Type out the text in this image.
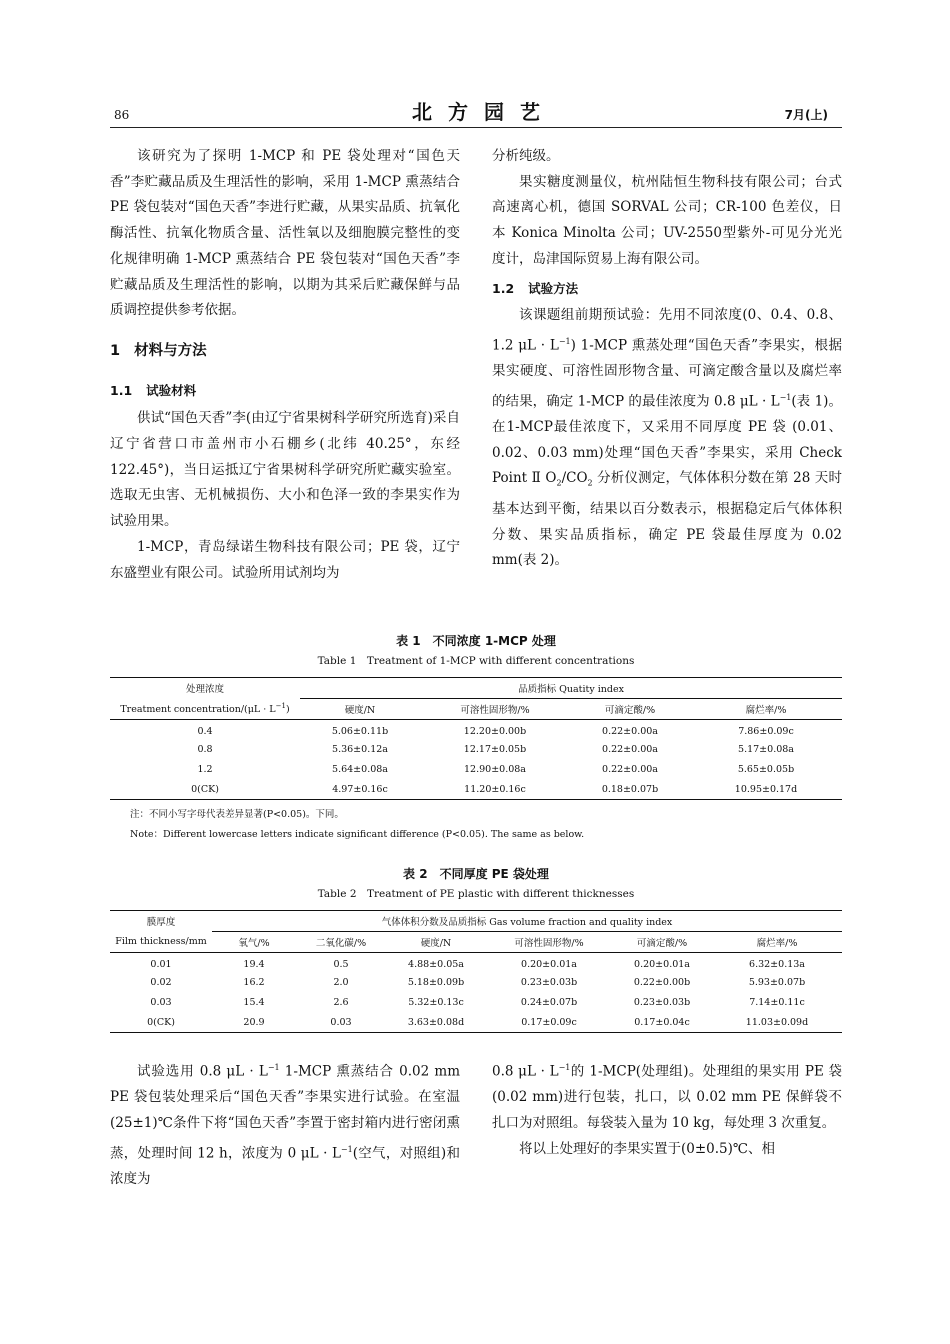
86	北方园艺	7月(上)

该研究为了探明 1-MCP 和 PE 袋处理对“国色天香”李贮藏品质及生理活性的影响，采用 1-MCP 熏蒸结合 PE 袋包装对“国色天香”李进行贮藏，从果实品质、抗氧化酶活性、抗氧化物质含量、活性氧以及细胞膜完整性的变化规律明确 1-MCP 熏蒸结合 PE 袋包装对“国色天香”李贮藏品质及生理活性的影响，以期为其采后贮藏保鲜与品质调控提供参考依据。

1 材料与方法
1.1 试验材料

供试“国色天香”李(由辽宁省果树科学研究所选育)采自辽宁省营口市盖州市小石棚乡(北纬 40.25°，东经 122.45°)，当日运抵辽宁省果树科学研究所贮藏实验室。选取无虫害、无机械损伤、大小和色泽一致的李果实作为试验用果。

1-MCP，青岛绿诺生物科技有限公司；PE 袋，辽宁东盛塑业有限公司。试验所用试剂均为

分析纯级。

果实糖度测量仪，杭州陆恒生物科技有限公司；台式高速离心机，德国 SORVAL 公司；CR-100 色差仪，日本 Konica Minolta 公司；UV-2550型紫外-可见分光光度计，岛津国际贸易上海有限公司。

1.2 试验方法

该课题组前期预试验：先用不同浓度(0、0.4、0.8、1.2 $\mu L \cdot L^{-1}$) 1-MCP 熏蒸处理“国色天香”李果实，根据果实硬度、可溶性固形物含量、可滴定酸含量以及腐烂率的结果，确定 1-MCP 的最佳浓度为 0.8 $\mu L \cdot L^{-1}$(表 1)。在1-MCP最佳浓度下，又采用不同厚度 PE 袋 (0.01、0.02、0.03 mm)处理“国色天香”李果实，采用 Check Point Ⅱ $O_2/CO_2$ 分析仪测定，气体体积分数在第 28 天时基本达到平衡，结果以百分数表示，根据稳定后气体体积分数、果实品质指标，确定 PE 袋最佳厚度为 0.02 mm(表 2)。

表 1　不同浓度 1-MCP 处理
Table 1　Treatment of 1-MCP with different concentrations
处理浓度	品质指标 Quatity index			
Treatment concentration/(μL · $L^{-1}$)	硬度/N	可溶性固形物/%	可滴定酸/%	腐烂率/%
0.4	5.06±0.11b	12.20±0.00b	0.22±0.00a	7.86±0.09c
0.8	5.36±0.12a	12.17±0.05b	0.22±0.00a	5.17±0.08a
1.2	5.64±0.08a	12.90±0.08a	0.22±0.00a	5.65±0.05b
0(CK)	4.97±0.16c	11.20±0.16c	0.18±0.07b	10.95±0.17d
注：不同小写字母代表差异显著(P<0.05)。下同。
Note：Different lowercase letters indicate significant difference (P<0.05). The same as below.
表 2　不同厚度 PE 袋处理
Table 2　Treatment of PE plastic with different thicknesses
膜厚度	气体体积分数及品质指标 Gas volume fraction and quality index					
Film thickness/mm	氧气/%	二氧化碳/%	硬度/N	可溶性固形物/%	可滴定酸/%	腐烂率/%
0.01	19.4	0.5	4.88±0.05a	0.20±0.01a	0.20±0.01a	6.32±0.13a
0.02	16.2	2.0	5.18±0.09b	0.23±0.03b	0.22±0.00b	5.93±0.07b
0.03	15.4	2.6	5.32±0.13c	0.24±0.07b	0.23±0.03b	7.14±0.11c
0(CK)	20.9	0.03	3.63±0.08d	0.17±0.09c	0.17±0.04c	11.03±0.09d

试验选用 0.8 $\mu L \cdot L^{-1}$ 1-MCP 熏蒸结合 0.02 mm PE 袋包装处理采后“国色天香”李果实进行试验。在室温(25±1)℃条件下将“国色天香”李置于密封箱内进行密闭熏蒸，处理时间 12 h，浓度为 0 $\mu L \cdot L^{-1}$(空气，对照组)和浓度为

0.8 $\mu L \cdot L^{-1}$的 1-MCP(处理组)。处理组的果实用 PE 袋(0.02 mm)进行包装，扎口，以 0.02 mm PE 保鲜袋不扎口为对照组。每袋装入量为 10 kg，每处理 3 次重复。

将以上处理好的李果实置于(0±0.5)℃、相
